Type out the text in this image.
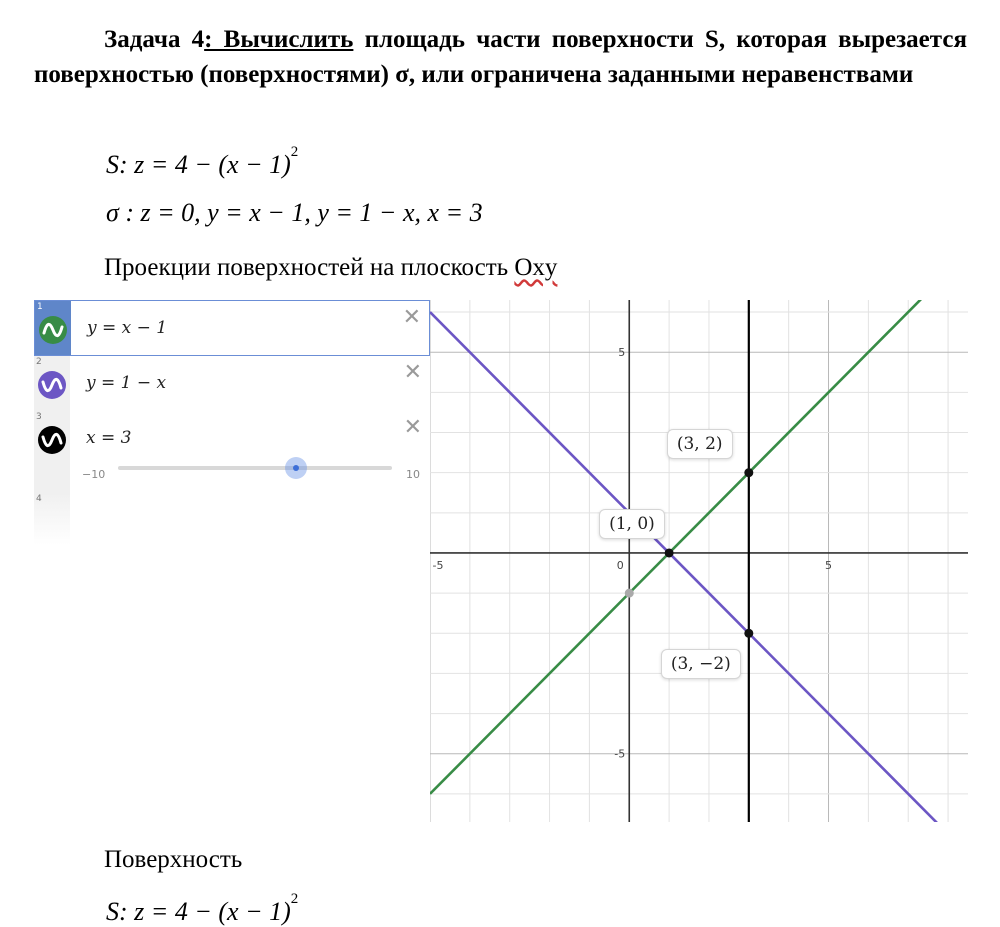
Задача 4: Вычислить площадь части поверхности S, которая вырезается поверхностью (поверхностями) σ, или ограничена заданными неравенствами
S: $z = 4 - (x - 1)^2$
σ : z = 0, y = x − 1, y = 1 − x, x = 3
Проекции поверхностей на плоскость Oxy
1
y = x − 1	✕
2
y = 1 − x	✕
3
x = 3	✕
−10	10
4
-5	0	5
5
-5
(1, 0)
(3, 2)
(3, −2)
Поверхность
S: $z = 4 - (x - 1)^2$
